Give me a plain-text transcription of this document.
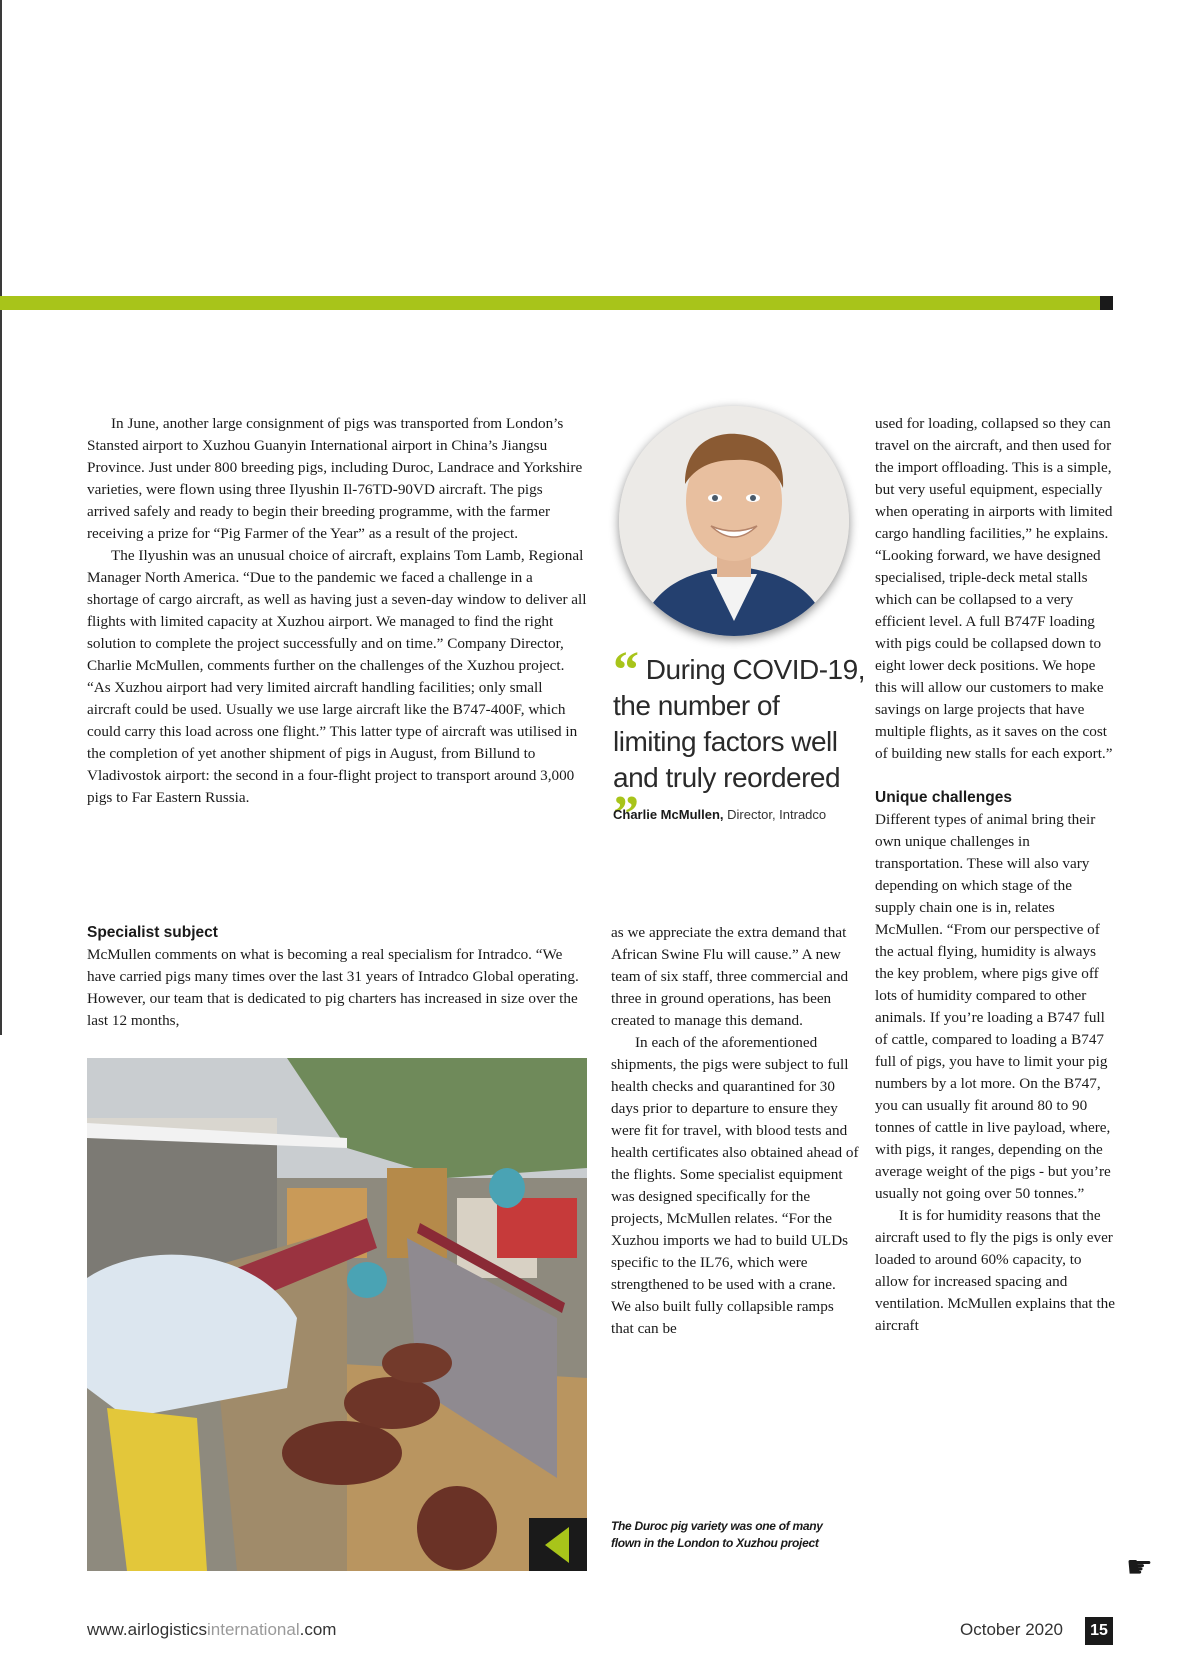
In June, another large consignment of pigs was transported from London’s Stansted airport to Xuzhou Guanyin International airport in China’s Jiangsu Province. Just under 800 breeding pigs, including Duroc, Landrace and Yorkshire varieties, were flown using three Ilyushin Il-76TD-90VD aircraft. The pigs arrived safely and ready to begin their breeding programme, with the farmer receiving a prize for “Pig Farmer of the Year” as a result of the project.

The Ilyushin was an unusual choice of aircraft, explains Tom Lamb, Regional Manager North America. “Due to the pandemic we faced a challenge in a shortage of cargo aircraft, as well as having just a seven-day window to deliver all flights with limited capacity at Xuzhou airport. We managed to find the right solution to complete the project successfully and on time.” Company Director, Charlie McMullen, comments further on the challenges of the Xuzhou project. “As Xuzhou airport had very limited aircraft handling facilities; only small aircraft could be used. Usually we use large aircraft like the B747-400F, which could carry this load across one flight.” This latter type of aircraft was utilised in the completion of yet another shipment of pigs in August, from Billund to Vladivostok airport: the second in a four-flight project to transport around 3,000 pigs to Far Eastern Russia.

Specialist subject

McMullen comments on what is becoming a real specialism for Intradco. “We have carried pigs many times over the last 31 years of Intradco Global operating. However, our team that is dedicated to pig charters has increased in size over the last 12 months,

“ During COVID-19, the number of limiting factors well and truly reordered ”
Charlie McMullen, Director, Intradco

as we appreciate the extra demand that African Swine Flu will cause.” A new team of six staff, three commercial and three in ground operations, has been created to manage this demand.

In each of the aforementioned shipments, the pigs were subject to full health checks and quarantined for 30 days prior to departure to ensure they were fit for travel, with blood tests and health certificates also obtained ahead of the flights. Some specialist equipment was designed specifically for the projects, McMullen relates. “For the Xuzhou imports we had to build ULDs specific to the IL76, which were strengthened to be used with a crane. We also built fully collapsible ramps that can be

used for loading, collapsed so they can travel on the aircraft, and then used for the import offloading. This is a simple, but very useful equipment, especially when operating in airports with limited cargo handling facilities,” he explains. “Looking forward, we have designed specialised, triple-deck metal stalls which can be collapsed to a very efficient level. A full B747F loading with pigs could be collapsed down to eight lower deck positions. We hope this will allow our customers to make savings on large projects that have multiple flights, as it saves on the cost of building new stalls for each export.”

Unique challenges

Different types of animal bring their own unique challenges in transportation. These will also vary depending on which stage of the supply chain one is in, relates McMullen. “From our perspective of the actual flying, humidity is always the key problem, where pigs give off lots of humidity compared to other animals. If you’re loading a B747 full of cattle, compared to loading a B747 full of pigs, you have to limit your pig numbers by a lot more. On the B747, you can usually fit around 80 to 90 tonnes of cattle in live payload, where, with pigs, it ranges, depending on the average weight of the pigs - but you’re usually not going over 50 tonnes.”

It is for humidity reasons that the aircraft used to fly the pigs is only ever loaded to around 60% capacity, to allow for increased spacing and ventilation. McMullen explains that the aircraft

The Duroc pig variety was one of many flown in the London to Xuzhou project
☛
www.airlogisticsinternational.com	October 2020	15
